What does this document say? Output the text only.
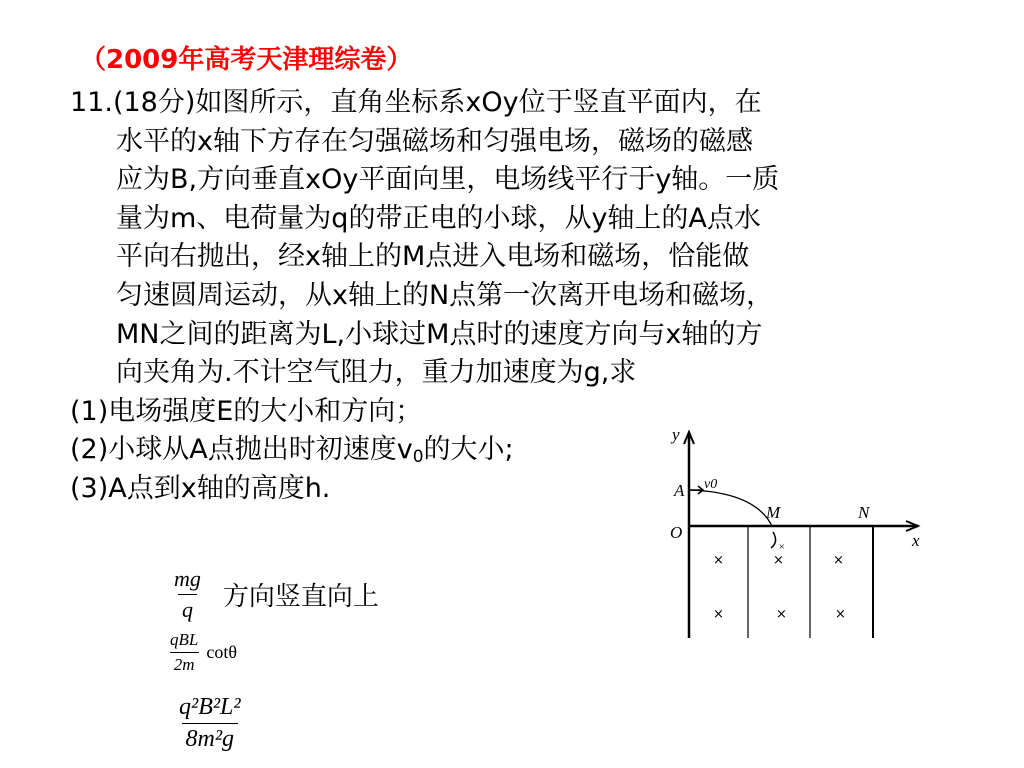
（2009年高考天津理综卷）
11.(18分)如图所示，直角坐标系xOy位于竖直平面内，在
水平的x轴下方存在匀强磁场和匀强电场，磁场的磁感
应为B,方向垂直xOy平面向里，电场线平行于y轴。一质
量为m、电荷量为q的带正电的小球，从y轴上的A点水
平向右抛出，经x轴上的M点进入电场和磁场，恰能做
匀速圆周运动，从x轴上的N点第一次离开电场和磁场，
MN之间的距离为L,小球过M点时的速度方向与x轴的方
向夹角为.不计空气阻力，重力加速度为g,求
(1)电场强度E的大小和方向；
(2)小球从A点抛出时初速度$v_0$的大小;
(3)A点到x轴的高度h.
$\frac{mg}{q}$ 方向竖直向上
$\frac{\text{qBL}}{2m}$ cotθ
$\frac{\text{q²B²L²}}{\text{8m²g}}$
y
x
O
A v0
M	N
×
×	×	×
×	×	×
